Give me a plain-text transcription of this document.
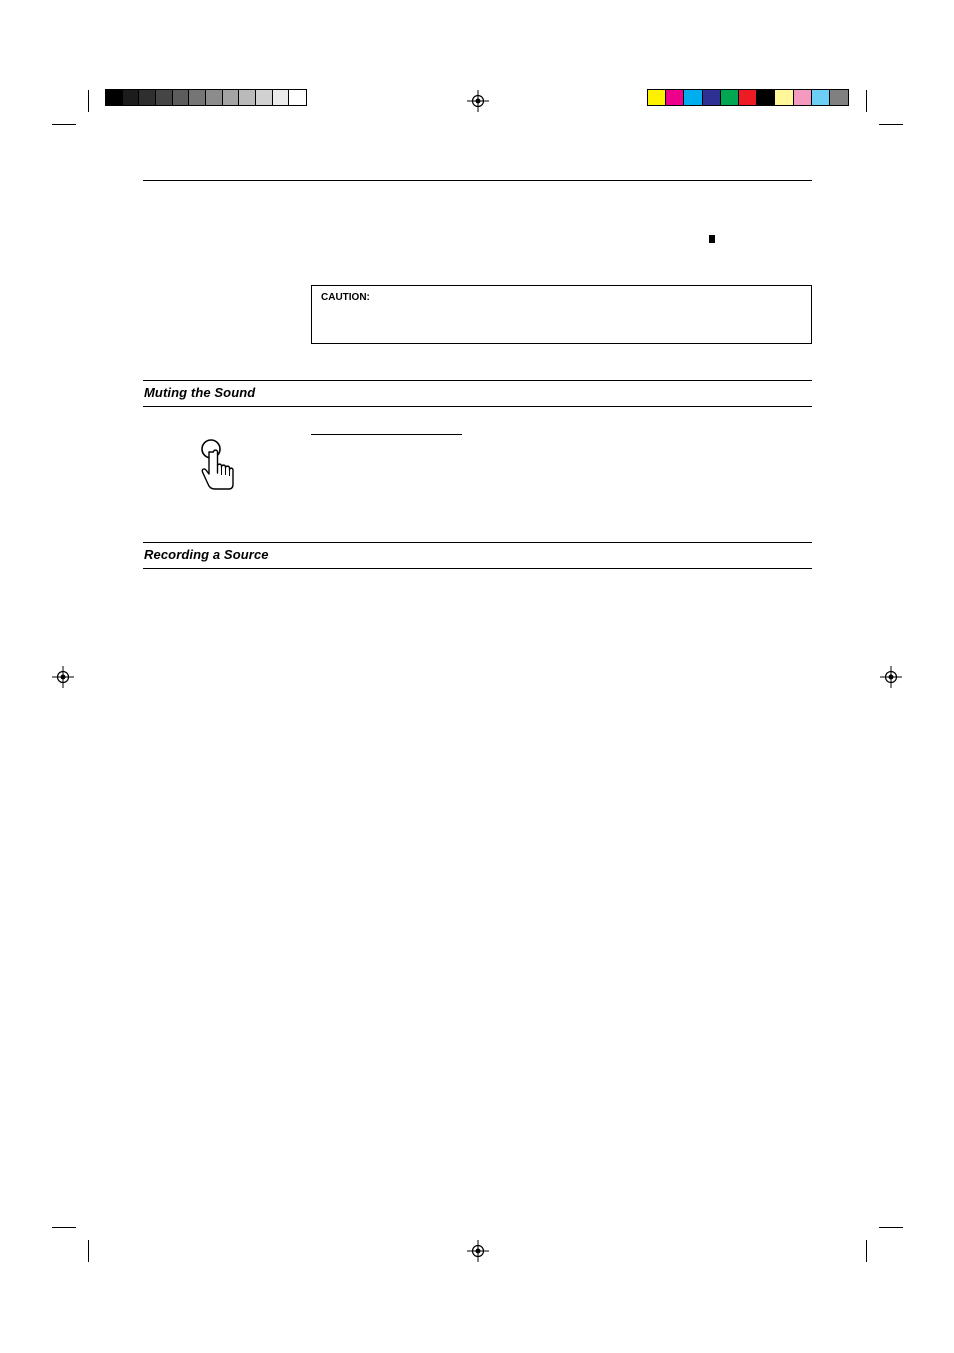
CAUTION:
Muting the Sound
Recording a Source
